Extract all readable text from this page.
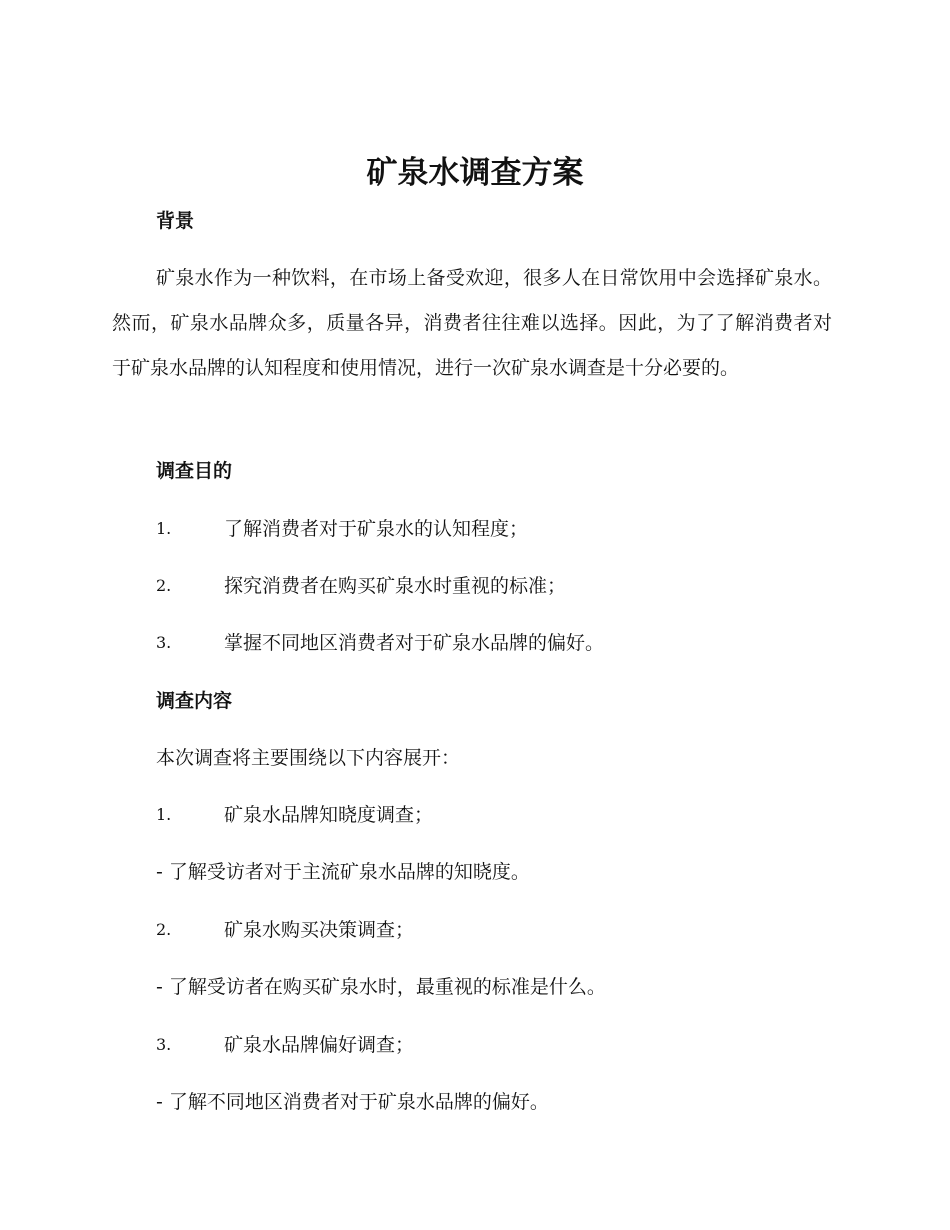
矿泉水调查方案
背景

矿泉水作为一种饮料，在市场上备受欢迎，很多人在日常饮用中会选择矿泉水。然而，矿泉水品牌众多，质量各异，消费者往往难以选择。因此，为了了解消费者对于矿泉水品牌的认知程度和使用情况，进行一次矿泉水调查是十分必要的。

调查目的
1.	了解消费者对于矿泉水的认知程度；
2.	探究消费者在购买矿泉水时重视的标准；
3.	掌握不同地区消费者对于矿泉水品牌的偏好。
调查内容

本次调查将主要围绕以下内容展开：

1.	矿泉水品牌知晓度调查；

- 了解受访者对于主流矿泉水品牌的知晓度。

2.	矿泉水购买决策调查；

- 了解受访者在购买矿泉水时，最重视的标准是什么。

3.	矿泉水品牌偏好调查；

- 了解不同地区消费者对于矿泉水品牌的偏好。
